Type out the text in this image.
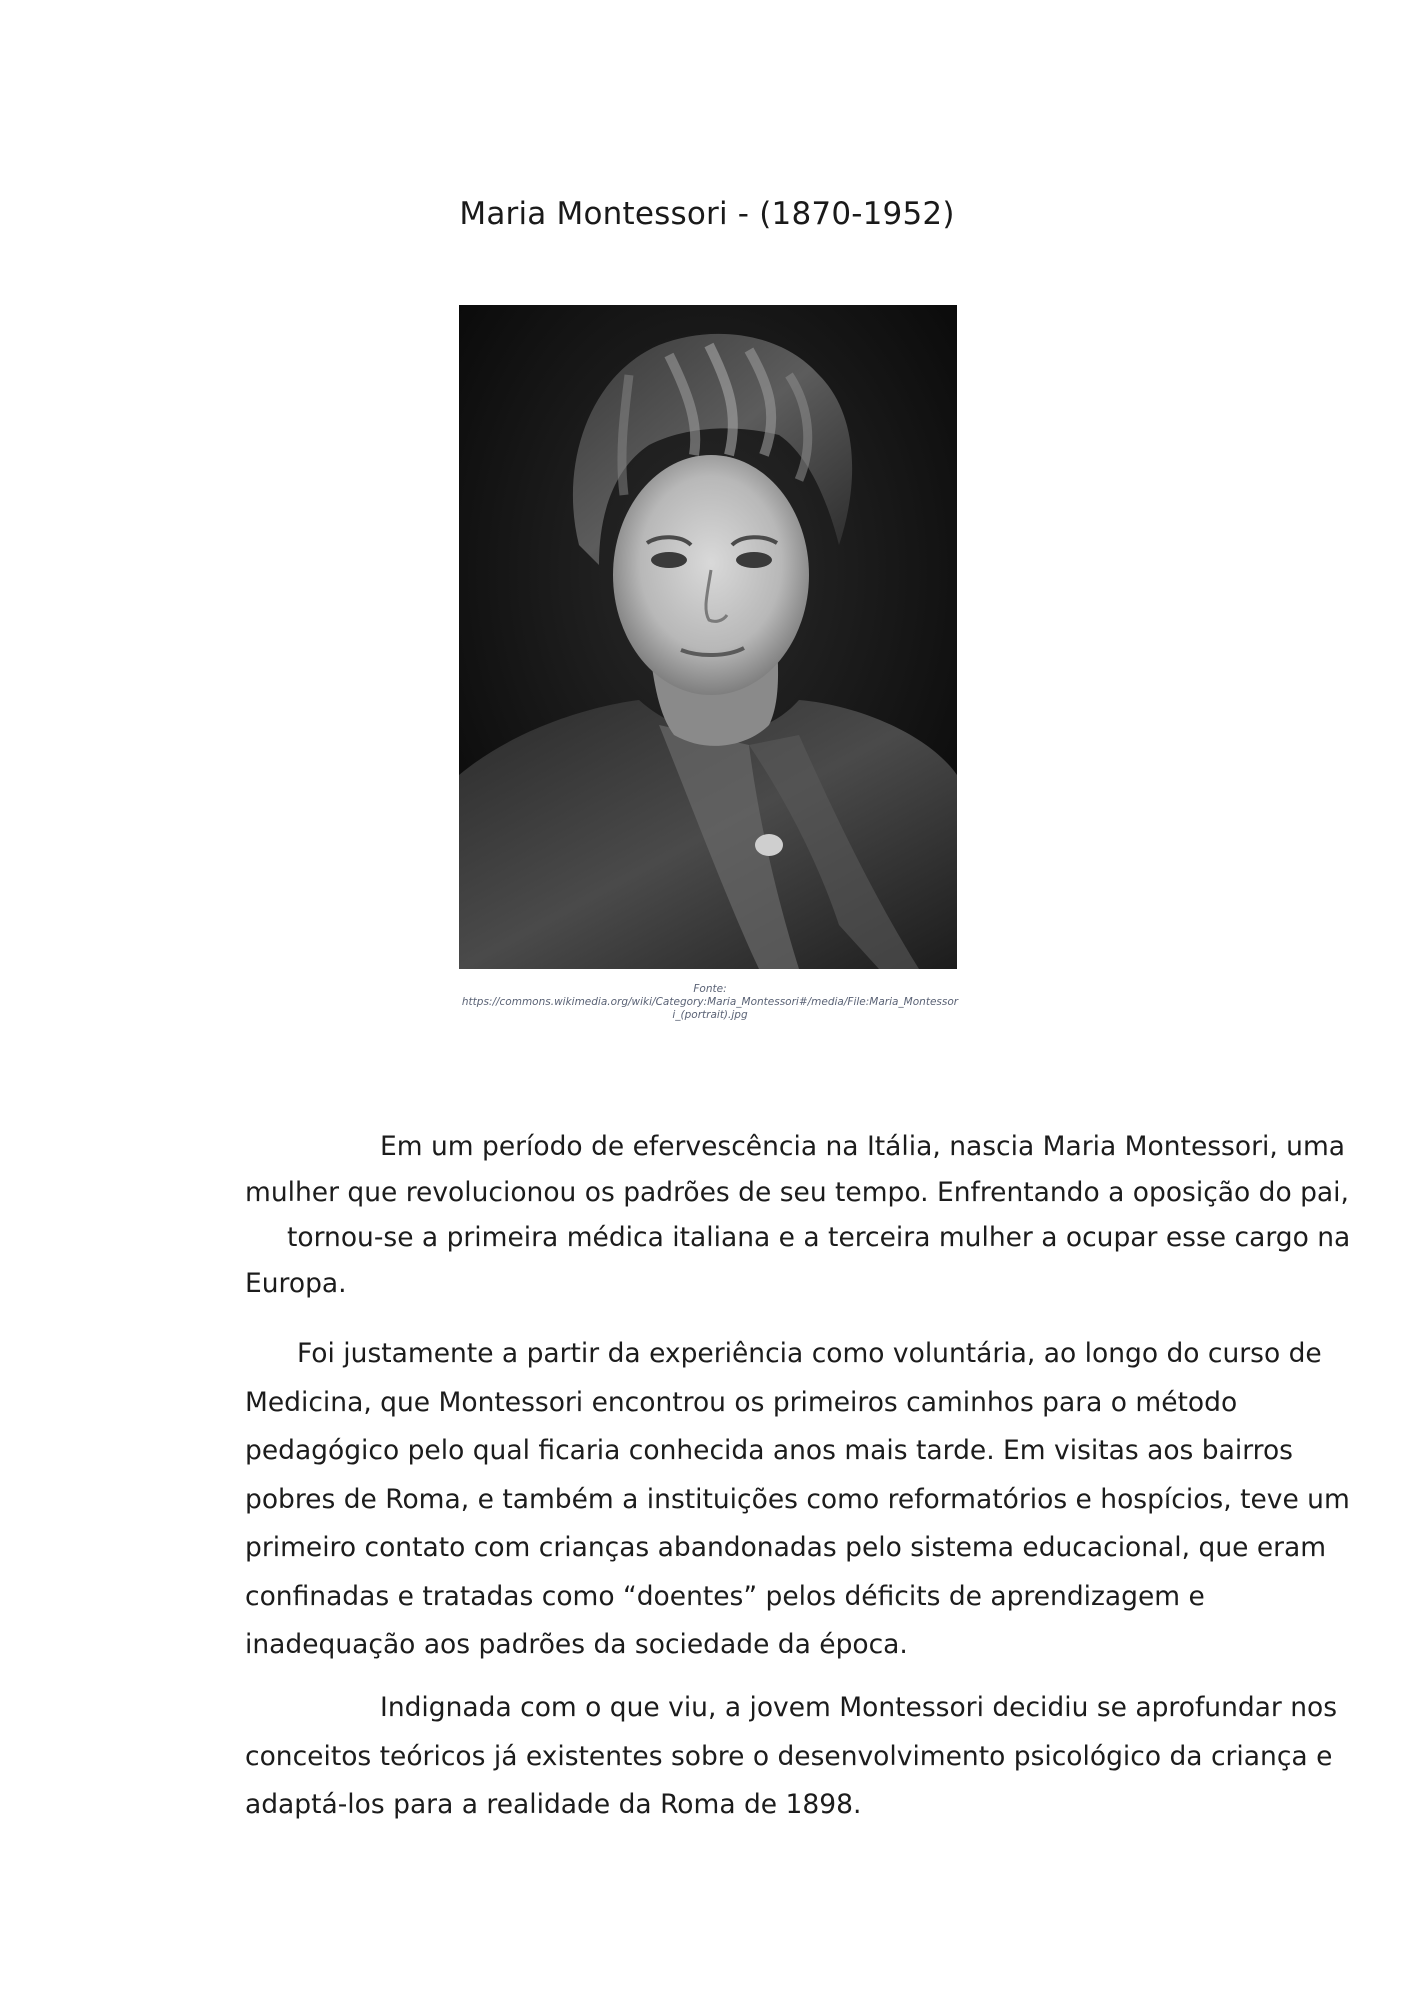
Maria Montessori - (1870-1952)
Fonte:
https://commons.wikimedia.org/wiki/Category:Maria_Montessori#/media/File:Maria_Montessor
i_(portrait).jpg
Em um período de efervescência na Itália, nascia Maria Montessori, uma
mulher que revolucionou os padrões de seu tempo. Enfrentando a oposição do pai,
tornou-se a primeira médica italiana e a terceira mulher a ocupar esse cargo na
Europa.
Foi justamente a partir da experiência como voluntária, ao longo do curso de
Medicina, que Montessori encontrou os primeiros caminhos para o método
pedagógico pelo qual ficaria conhecida anos mais tarde. Em visitas aos bairros
pobres de Roma, e também a instituições como reformatórios e hospícios, teve um
primeiro contato com crianças abandonadas pelo sistema educacional, que eram
confinadas e tratadas como “doentes” pelos déficits de aprendizagem e
inadequação aos padrões da sociedade da época.
Indignada com o que viu, a jovem Montessori decidiu se aprofundar nos
conceitos teóricos já existentes sobre o desenvolvimento psicológico da criança e
adaptá-los para a realidade da Roma de 1898.
